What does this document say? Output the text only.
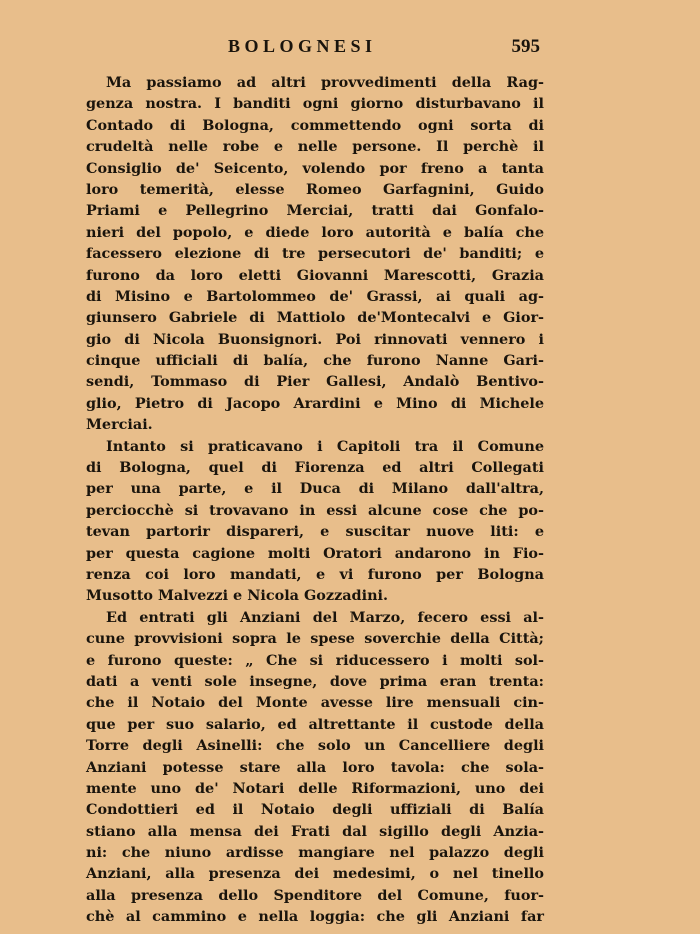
BOLOGNESI	595
Ma passiamo ad altri provvedimenti della Rag-
genza nostra. I banditi ogni giorno disturbavano il
Contado di Bologna, commettendo ogni sorta di
crudeltà nelle robe e nelle persone. Il perchè il
Consiglio de' Seicento, volendo por freno a tanta
loro temerità, elesse Romeo Garfagnini, Guido
Priami e Pellegrino Merciai, tratti dai Gonfalo-
nieri del popolo, e diede loro autorità e balía che
facessero elezione di tre persecutori de' banditi; e
furono da loro eletti Giovanni Marescotti, Grazia
di Misino e Bartolommeo de' Grassi, ai quali ag-
giunsero Gabriele di Mattiolo de'Montecalvi e Gior-
gio di Nicola Buonsignori. Poi rinnovati vennero i
cinque ufficiali di balía, che furono Nanne Gari-
sendi, Tommaso di Pier Gallesi, Andalò Bentivo-
glio, Pietro di Jacopo Arardini e Mino di Michele
Merciai.
Intanto si praticavano i Capitoli tra il Comune
di Bologna, quel di Fiorenza ed altri Collegati
per una parte, e il Duca di Milano dall'altra,
perciocchè si trovavano in essi alcune cose che po-
tevan partorir dispareri, e suscitar nuove liti: e
per questa cagione molti Oratori andarono in Fio-
renza coi loro mandati, e vi furono per Bologna
Musotto Malvezzi e Nicola Gozzadini.
Ed entrati gli Anziani del Marzo, fecero essi al-
cune provvisioni sopra le spese soverchie della Città;
e furono queste: „ Che si riducessero i molti sol-
dati a venti sole insegne, dove prima eran trenta:
che il Notaio del Monte avesse lire mensuali cin-
que per suo salario, ed altrettante il custode della
Torre degli Asinelli: che solo un Cancelliere degli
Anziani potesse stare alla loro tavola: che sola-
mente uno de' Notari delle Riformazioni, uno dei
Condottieri ed il Notaio degli uffiziali di Balía
stiano alla mensa dei Frati dal sigillo degli Anzia-
ni: che niuno ardisse mangiare nel palazzo degli
Anziani, alla presenza dei medesimi, o nel tinello
alla presenza dello Spenditore del Comune, fuor-
chè al cammino e nella loggia: che gli Anziani far
